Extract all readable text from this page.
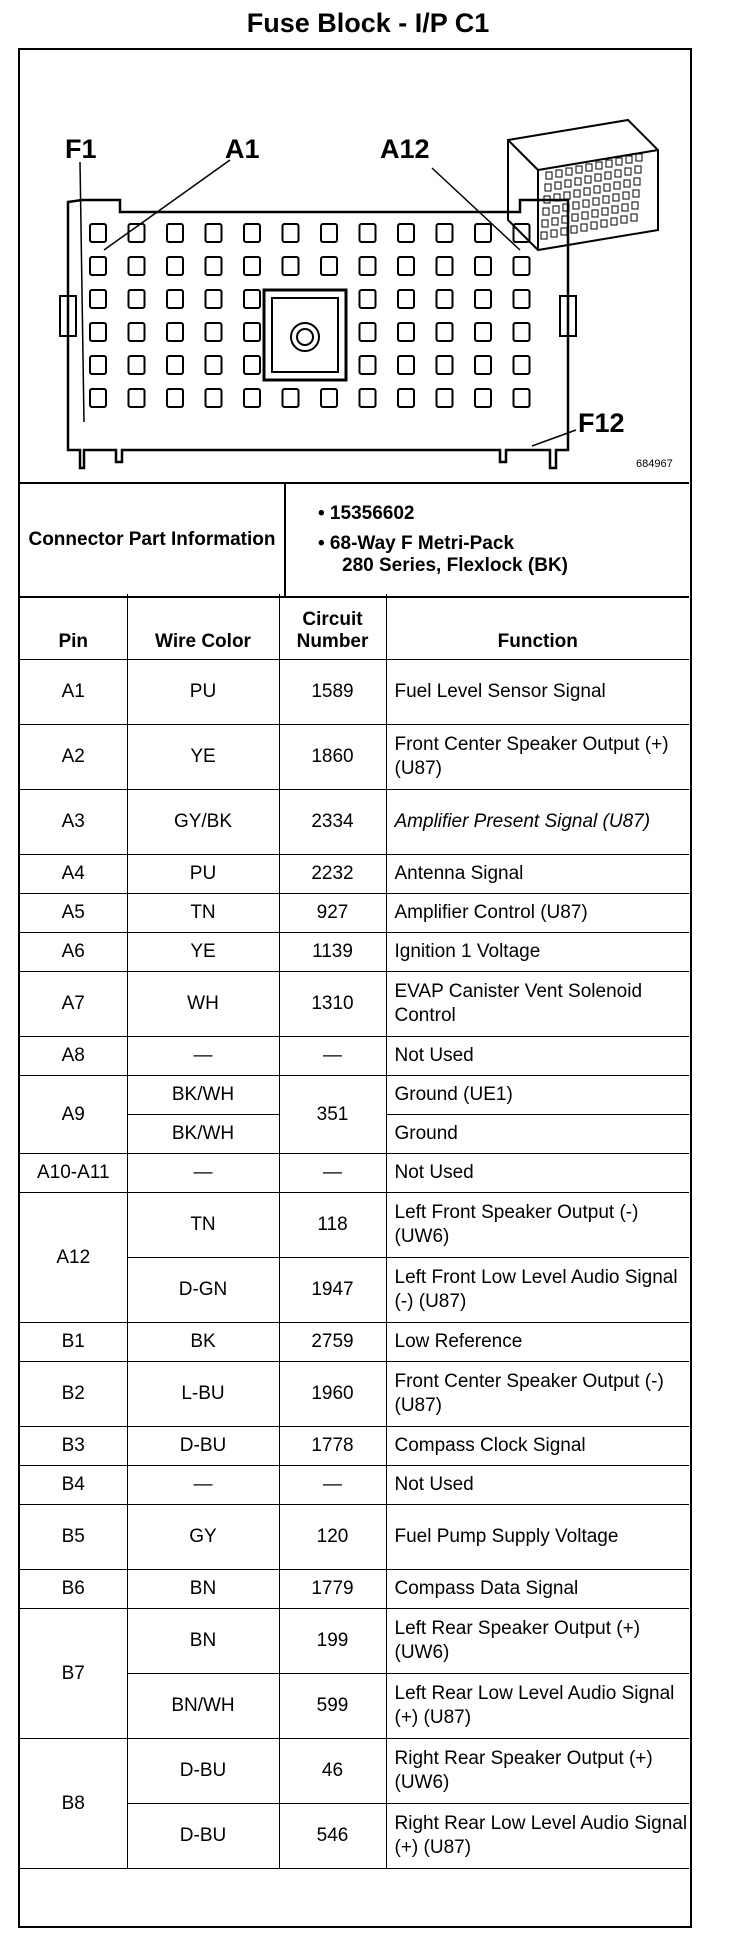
Fuse Block - I/P C1
F1	A1	A12
F12
684967
Connector Part Information	
• 15356602
• 68-Way F Metri-Pack
280 Series, Flexlock (BK)
Pin	Wire Color	Circuit Number	Function
A1	PU	1589	Fuel Level Sensor Signal
A2	YE	1860	Front Center Speaker Output (+) (U87)
A3	GY/BK	2334	Amplifier Present Signal (U87)
A4	PU	2232	Antenna Signal
A5	TN	927	Amplifier Control (U87)
A6	YE	1139	Ignition 1 Voltage
A7	WH	1310	EVAP Canister Vent Solenoid Control
A8	—	—	Not Used
A9	BK/WH	351	Ground (UE1)
	BK/WH		Ground
A10-A11	—	—	Not Used
A12	TN	118	Left Front Speaker Output (-) (UW6)
	D-GN	1947	Left Front Low Level Audio Signal (-) (U87)
B1	BK	2759	Low Reference
B2	L-BU	1960	Front Center Speaker Output (-) (U87)
B3	D-BU	1778	Compass Clock Signal
B4	—	—	Not Used
B5	GY	120	Fuel Pump Supply Voltage
B6	BN	1779	Compass Data Signal
B7	BN	199	Left Rear Speaker Output (+) (UW6)
	BN/WH	599	Left Rear Low Level Audio Signal (+) (U87)
B8	D-BU	46	Right Rear Speaker Output (+) (UW6)
	D-BU	546	Right Rear Low Level Audio Signal (+) (U87)
